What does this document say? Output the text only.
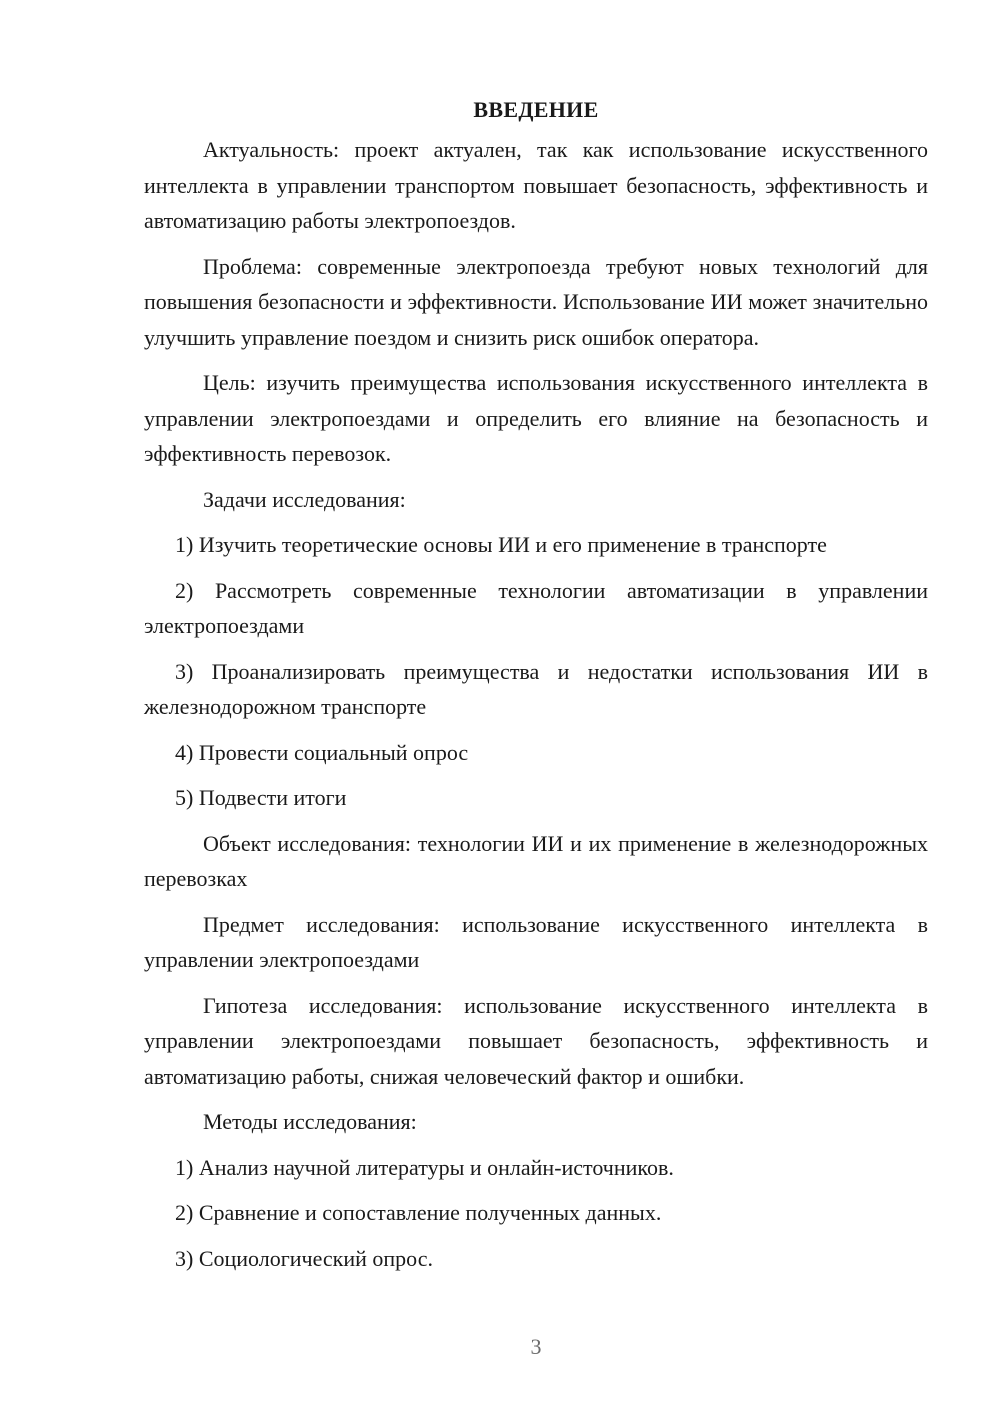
ВВЕДЕНИЕ

Актуальность: проект актуален, так как использование искусственного интеллекта в управлении транспортом повышает безопасность, эффективность и автоматизацию работы электропоездов.

Проблема: современные электропоезда требуют новых технологий для повышения безопасности и эффективности. Использование ИИ может значительно улучшить управление поездом и снизить риск ошибок оператора.

Цель: изучить преимущества использования искусственного интеллекта в управлении электропоездами и определить его влияние на безопасность и эффективность перевозок.

Задачи исследования:

1) Изучить теоретические основы ИИ и его применение в транспорте

2) Рассмотреть современные технологии автоматизации в управлении электропоездами

3) Проанализировать преимущества и недостатки использования ИИ в железнодорожном транспорте

4) Провести социальный опрос

5) Подвести итоги

Объект исследования: технологии ИИ и их применение в железнодорожных перевозках

Предмет исследования: использование искусственного интеллекта в управлении электропоездами

Гипотеза исследования: использование искусственного интеллекта в управлении электропоездами повышает безопасность, эффективность и автоматизацию работы, снижая человеческий фактор и ошибки.

Методы исследования:

1) Анализ научной литературы и онлайн-источников.

2) Сравнение и сопоставление полученных данных.

3) Социологический опрос.

3
